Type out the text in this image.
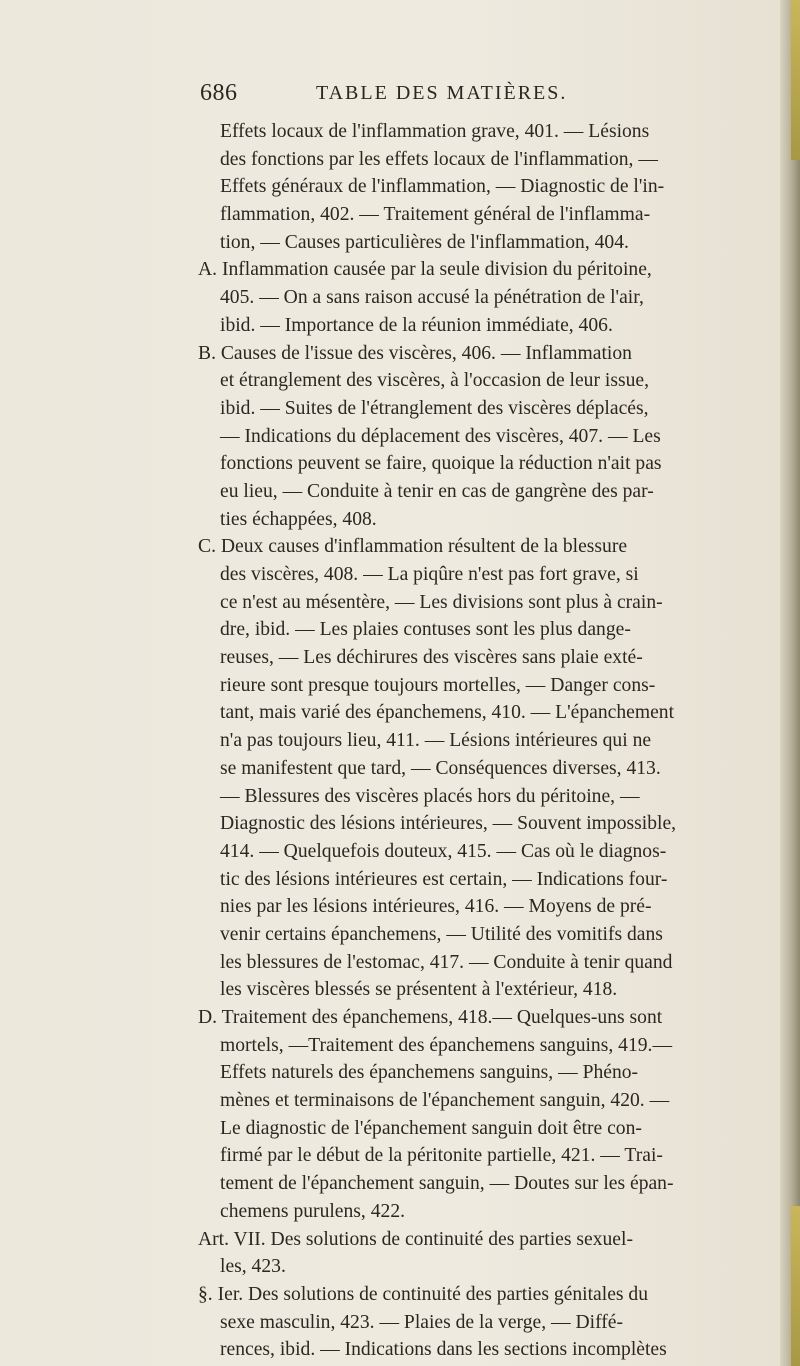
686	TABLE DES MATIÈRES.
Effets locaux de l'inflammation grave, 401. — Lésions
des fonctions par les effets locaux de l'inflammation, —
Effets généraux de l'inflammation, — Diagnostic de l'in-
flammation, 402. — Traitement général de l'inflamma-
tion, — Causes particulières de l'inflammation, 404.
A. Inflammation causée par la seule division du péritoine,
405. — On a sans raison accusé la pénétration de l'air,
ibid. — Importance de la réunion immédiate, 406.
B. Causes de l'issue des viscères, 406. — Inflammation
et étranglement des viscères, à l'occasion de leur issue,
ibid. — Suites de l'étranglement des viscères déplacés,
— Indications du déplacement des viscères, 407. — Les
fonctions peuvent se faire, quoique la réduction n'ait pas
eu lieu, — Conduite à tenir en cas de gangrène des par-
ties échappées, 408.
C. Deux causes d'inflammation résultent de la blessure
des viscères, 408. — La piqûre n'est pas fort grave, si
ce n'est au mésentère, — Les divisions sont plus à crain-
dre, ibid. — Les plaies contuses sont les plus dange-
reuses, — Les déchirures des viscères sans plaie exté-
rieure sont presque toujours mortelles, — Danger cons-
tant, mais varié des épanchemens, 410. — L'épanchement
n'a pas toujours lieu, 411. — Lésions intérieures qui ne
se manifestent que tard, — Conséquences diverses, 413.
— Blessures des viscères placés hors du péritoine, —
Diagnostic des lésions intérieures, — Souvent impossible,
414. — Quelquefois douteux, 415. — Cas où le diagnos-
tic des lésions intérieures est certain, — Indications four-
nies par les lésions intérieures, 416. — Moyens de pré-
venir certains épanchemens, — Utilité des vomitifs dans
les blessures de l'estomac, 417. — Conduite à tenir quand
les viscères blessés se présentent à l'extérieur, 418.
D. Traitement des épanchemens, 418.— Quelques-uns sont
mortels, —Traitement des épanchemens sanguins, 419.—
Effets naturels des épanchemens sanguins, — Phéno-
mènes et terminaisons de l'épanchement sanguin, 420. —
Le diagnostic de l'épanchement sanguin doit être con-
firmé par le début de la péritonite partielle, 421. — Trai-
tement de l'épanchement sanguin, — Doutes sur les épan-
chemens purulens, 422.
Art. VII. Des solutions de continuité des parties sexuel-
les, 423.
§. Ier. Des solutions de continuité des parties génitales du
sexe masculin, 423. — Plaies de la verge, — Diffé-
rences, ibid. — Indications dans les sections incomplètes
